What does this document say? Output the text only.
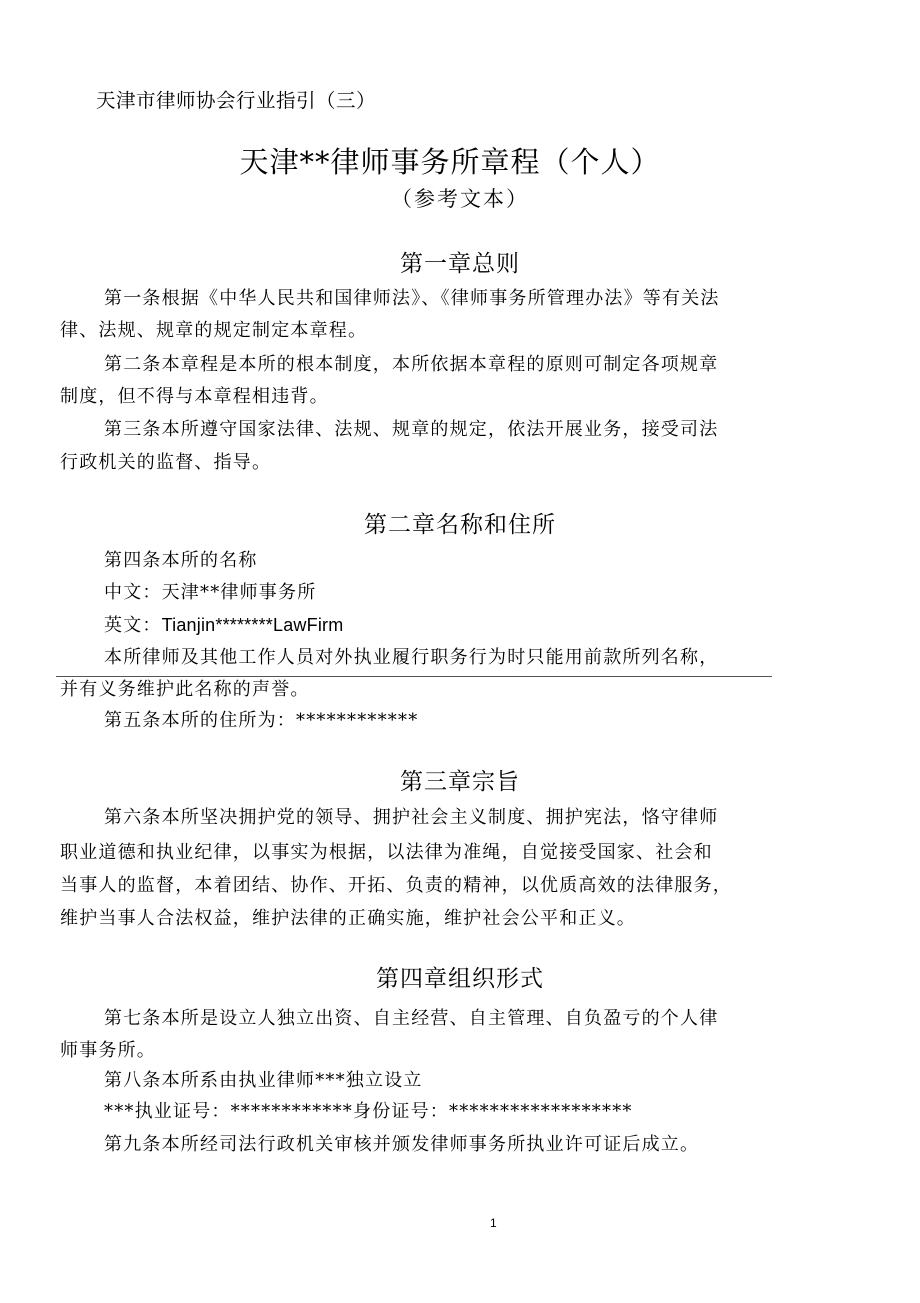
天津市律师协会行业指引（三）
天津**律师事务所章程（个人）
（参考文本）
第一章总则
第一条根据《中华人民共和国律师法》、《律师事务所管理办法》等有关法
律、法规、规章的规定制定本章程。
第二条本章程是本所的根本制度，本所依据本章程的原则可制定各项规章
制度，但不得与本章程相违背。
第三条本所遵守国家法律、法规、规章的规定，依法开展业务，接受司法
行政机关的监督、指导。
第二章名称和住所
第四条本所的名称
中文：天津**律师事务所
英文：Tianjin********LawFirm
本所律师及其他工作人员对外执业履行职务行为时只能用前款所列名称，
并有义务维护此名称的声誉。
第五条本所的住所为：************
第三章宗旨
第六条本所坚决拥护党的领导、拥护社会主义制度、拥护宪法，恪守律师
职业道德和执业纪律，以事实为根据，以法律为准绳，自觉接受国家、社会和
当事人的监督，本着团结、协作、开拓、负责的精神，以优质高效的法律服务，
维护当事人合法权益，维护法律的正确实施，维护社会公平和正义。
第四章组织形式
第七条本所是设立人独立出资、自主经营、自主管理、自负盈亏的个人律
师事务所。
第八条本所系由执业律师***独立设立
***执业证号：************身份证号：******************
第九条本所经司法行政机关审核并颁发律师事务所执业许可证后成立。
1
